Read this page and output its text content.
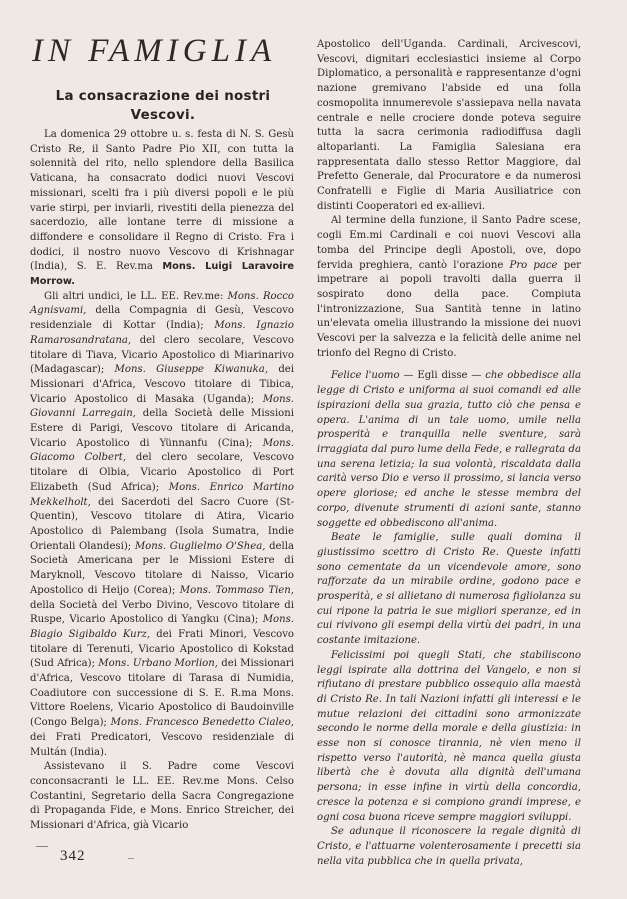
IN FAMIGLIA
La consacrazione dei nostri Vescovi.

La domenica 29 ottobre u. s. festa di N. S. Gesù Cristo Re, il Santo Padre Pio XII, con tutta la solennità del rito, nello splendore della Basilica Vaticana, ha consacrato dodici nuovi Vescovi missionari, scelti fra i più diversi popoli e le più varie stirpi, per inviarli, rivestiti della pienezza del sacerdozio, alle lontane terre di missione a diffondere e consolidare il Regno di Cristo. Fra i dodici, il nostro nuovo Vescovo di Krishnagar (India), S. E. Rev.ma Mons. Luigi Laravoire Morrow.

Gli altri undici, le LL. EE. Rev.me: Mons. Rocco Agnisvami, della Compagnia di Gesù, Vescovo residenziale di Kottar (India); Mons. Ignazio Ramarosandratana, del clero secolare, Vescovo titolare di Tiava, Vicario Apostolico di Miarinarivo (Madagascar); Mons. Giuseppe Kiwanuka, dei Missionari d'Africa, Vescovo titolare di Tibica, Vicario Apostolico di Masaka (Uganda); Mons. Giovanni Larregain, della Società delle Missioni Estere di Parigi, Vescovo titolare di Aricanda, Vicario Apostolico di Yünnanfu (Cina); Mons. Giacomo Colbert, del clero secolare, Vescovo titolare di Olbia, Vicario Apostolico di Port Elizabeth (Sud Africa); Mons. Enrico Martino Mekkelholt, dei Sacerdoti del Sacro Cuore (St-Quentin), Vescovo titolare di Atira, Vicario Apostolico di Palembang (Isola Sumatra, Indie Orientali Olandesi); Mons. Guglielmo O'Shea, della Società Americana per le Missioni Estere di Maryknoll, Vescovo titolare di Naisso, Vicario Apostolico di Heijo (Corea); Mons. Tommaso Tien, della Società del Verbo Divino, Vescovo titolare di Ruspe, Vicario Apostolico di Yangku (Cina); Mons. Biagio Sigibaldo Kurz, dei Frati Minori, Vescovo titolare di Terenuti, Vicario Apostolico di Kokstad (Sud Africa); Mons. Urbano Morlion, dei Missionari d'Africa, Vescovo titolare di Tarasa di Numidia, Coadiutore con successione di S. E. R.ma Mons. Vittore Roelens, Vicario Apostolico di Baudoinville (Congo Belga); Mons. Francesco Benedetto Cialeo, dei Frati Predicatori, Vescovo residenziale di Multán (India).

Assistevano il S. Padre come Vescovi conconsacranti le LL. EE. Rev.me Mons. Celso Costantini, Segretario della Sacra Congregazione di Propaganda Fide, e Mons. Enrico Streicher, dei Missionari d'Africa, già Vicario

Apostolico dell'Uganda. Cardinali, Arcivescovi, Vescovi, dignitari ecclesiastici insieme al Corpo Diplomatico, a personalità e rappresentanze d'ogni nazione gremivano l'abside ed una folla cosmopolita innumerevole s'assiepava nella navata centrale e nelle crociere donde poteva seguire tutta la sacra cerimonia radiodiffusa dagli altoparlanti. La Famiglia Salesiana era rappresentata dallo stesso Rettor Maggiore, dal Prefetto Generale, dal Procuratore e da numerosi Confratelli e Figlie di Maria Ausiliatrice con distinti Cooperatori ed ex-allievi.

Al termine della funzione, il Santo Padre scese, cogli Em.mi Cardinali e coi nuovi Vescovi alla tomba del Principe degli Apostoli, ove, dopo fervida preghiera, cantò l'orazione Pro pace per impetrare ai popoli travolti dalla guerra il sospirato dono della pace. Compiuta l'intronizzazione, Sua Santità tenne in latino un'elevata omelia illustrando la missione dei nuovi Vescovi per la salvezza e la felicità delle anime nel trionfo del Regno di Cristo.

Felice l'uomo — Egli disse — che obbedisce alla legge di Cristo e uniforma ai suoi comandi ed alle ispirazioni della sua grazia, tutto ciò che pensa e opera. L'anima di un tale uomo, umile nella prosperità e tranquilla nelle sventure, sarà irraggiata dal puro lume della Fede, e rallegrata da una serena letizia; la sua volontà, riscaldata dalla carità verso Dio e verso il prossimo, si lancia verso opere gloriose; ed anche le stesse membra del corpo, divenute strumenti di azioni sante, stanno soggette ed obbediscono all'anima.

Beate le famiglie, sulle quali domina il giustissimo scettro di Cristo Re. Queste infatti sono cementate da un vicendevole amore, sono rafforzate da un mirabile ordine, godono pace e prosperità, e si allietano di numerosa figliolanza su cui ripone la patria le sue migliori speranze, ed in cui rivivono gli esempi della virtù dei padri, in una costante imitazione.

Felicissimi poi quegli Stati, che stabiliscono leggi ispirate alla dottrina del Vangelo, e non si rifiutano di prestare pubblico ossequio alla maestà di Cristo Re. In tali Nazioni infatti gli interessi e le mutue relazioni dei cittadini sono armonizzate secondo le norme della morale e della giustizia: in esse non si conosce tirannia, nè vien meno il rispetto verso l'autorità, nè manca quella giusta libertà che è dovuta alla dignità dell'umana persona; in esse infine in virtù della concordia, cresce la potenza e si compiono grandi imprese, e ogni cosa buona riceve sempre maggiori sviluppi.

Se adunque il riconoscere la regale dignità di Cristo, e l'attuarne volenterosamente i precetti sia nella vita pubblica che in quella privata,

342
